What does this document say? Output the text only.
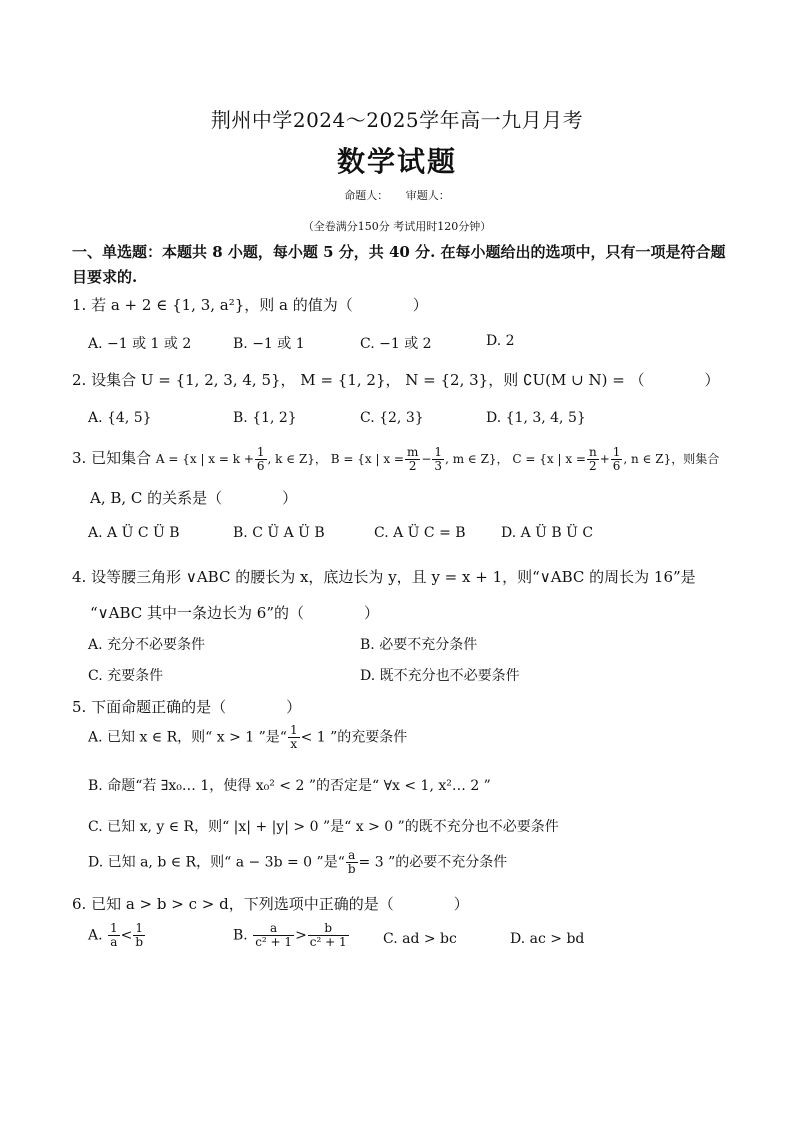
荆州中学2024～2025学年高一九月月考
数学试题
命题人： 审题人：
（全卷满分150分 考试用时120分钟）
一、单选题：本题共 8 小题，每小题 5 分，共 40 分. 在每小题给出的选项中，只有一项是符合题目要求的.
1. 若 a + 2 ∈ {1, 3, a²}，则 a 的值为（　　　　）
A. −1 或 1 或 2	B. −1 或 1	C. −1 或 2	D. 2
2. 设集合 U = {1, 2, 3, 4, 5}， M = {1, 2}， N = {2, 3}，则 ∁U(M ∪ N) = （　　　　）
A. {4, 5}	B. {1, 2}	C. {2, 3}	D. {1, 3, 4, 5}
3. 已知集合 A = {x | $x = k + \frac{1}{6}$ , k ∈ Z}， B = {x | $x = \frac{m}{2} - \frac{1}{3}$ , m ∈ Z}， C = {x | $x = \frac{n}{2} + \frac{1}{6}$ , n ∈ Z}，则集合
A, B, C 的关系是（　　　　）
A. A Ü C Ü B	B. C Ü A Ü B	C. A Ü C = B	D. A Ü B Ü C
4. 设等腰三角形 ∨ABC 的腰长为 x，底边长为 y，且 y = x + 1，则“∨ABC 的周长为 16”是
“∨ABC 其中一条边长为 6”的（　　　　）
A. 充分不必要条件	B. 必要不充分条件
C. 充要条件	D. 既不充分也不必要条件
5. 下面命题正确的是（　　　　）
A. 已知 x ∈ R，则“ x > 1 ”是“ $\frac{1}{x} < 1$ ”的充要条件
B. 命题“若 ∃x₀… 1，使得 x₀² < 2 ”的否定是“ ∀x < 1, x²… 2 ”
C. 已知 x, y ∈ R，则“ |x| + |y| > 0 ”是“ x > 0 ”的既不充分也不必要条件
D. 已知 a, b ∈ R，则“ a − 3b = 0 ”是“ $\frac{a}{b} = 3$ ”的必要不充分条件
6. 已知 a > b > c > d，下列选项中正确的是（　　　　）
A. $\frac{1}{a} < \frac{1}{b}$	B. $\frac{a}{\text{c² + 1}} > \frac{b}{\text{c² + 1}} C$. ad > bc	D. ac > bd
